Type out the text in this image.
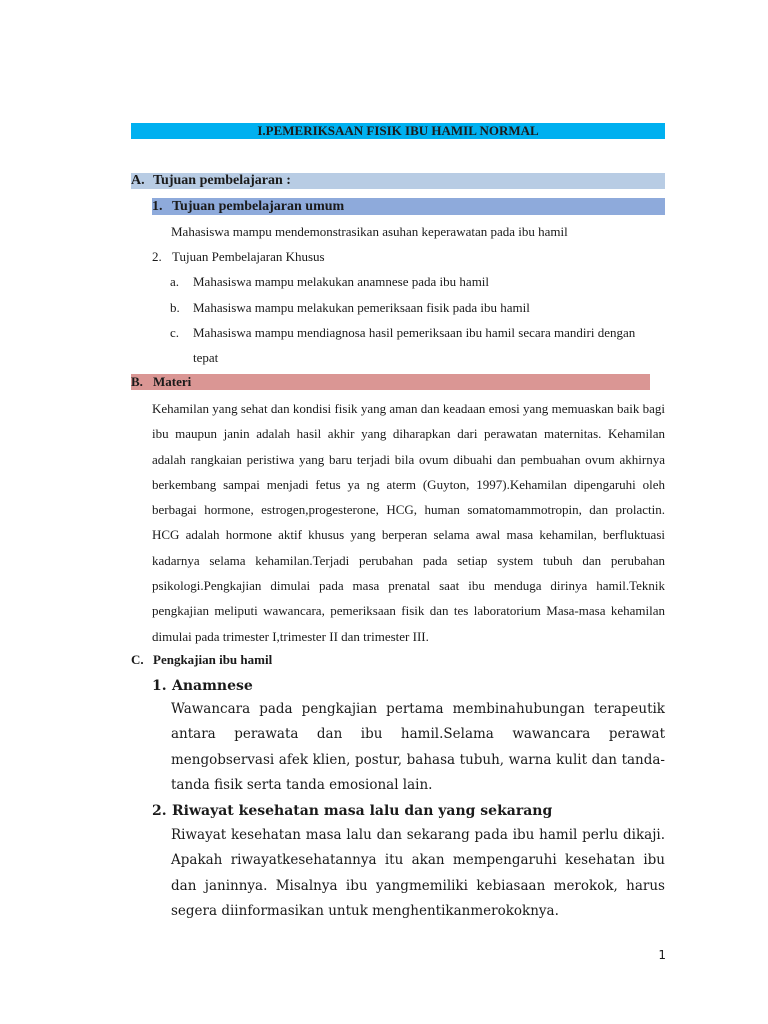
I.PEMERIKSAAN FISIK IBU HAMIL NORMAL
A. Tujuan pembelajaran :
1. Tujuan pembelajaran umum
Mahasiswa mampu mendemonstrasikan asuhan keperawatan pada ibu hamil
2. Tujuan Pembelajaran Khusus
a. Mahasiswa mampu melakukan anamnese pada ibu hamil
b. Mahasiswa mampu melakukan pemeriksaan fisik pada ibu hamil
c. Mahasiswa mampu mendiagnosa hasil pemeriksaan ibu hamil secara mandiri dengan
tepat
B. Materi
Kehamilan yang sehat dan kondisi fisik yang aman dan keadaan emosi yang memuaskan baik bagi ibu maupun janin adalah hasil akhir yang diharapkan dari perawatan maternitas. Kehamilan adalah rangkaian peristiwa yang baru terjadi bila ovum dibuahi dan pembuahan ovum akhirnya berkembang sampai menjadi fetus ya ng aterm (Guyton, 1997).Kehamilan dipengaruhi oleh berbagai hormone, estrogen,progesterone, HCG, human somatomammotropin, dan prolactin. HCG adalah hormone aktif khusus yang berperan selama awal masa kehamilan, berfluktuasi kadarnya selama kehamilan.Terjadi perubahan pada setiap system tubuh dan perubahan psikologi.Pengkajian dimulai pada masa prenatal saat ibu menduga dirinya hamil.Teknik pengkajian meliputi wawancara, pemeriksaan fisik dan tes laboratorium Masa-masa kehamilan dimulai pada trimester I,trimester II dan trimester III.
C. Pengkajian ibu hamil
1. Anamnese
Wawancara pada pengkajian pertama membinahubungan terapeutik antara perawata dan ibu hamil.Selama wawancara perawat mengobservasi afek klien, postur, bahasa tubuh, warna kulit dan tanda-tanda fisik serta tanda emosional lain.
2. Riwayat kesehatan masa lalu dan yang sekarang
Riwayat kesehatan masa lalu dan sekarang pada ibu hamil perlu dikaji. Apakah riwayatkesehatannya itu akan mempengaruhi kesehatan ibu dan janinnya. Misalnya ibu yangmemiliki kebiasaan merokok, harus segera diinformasikan untuk menghentikanmerokoknya.
1
